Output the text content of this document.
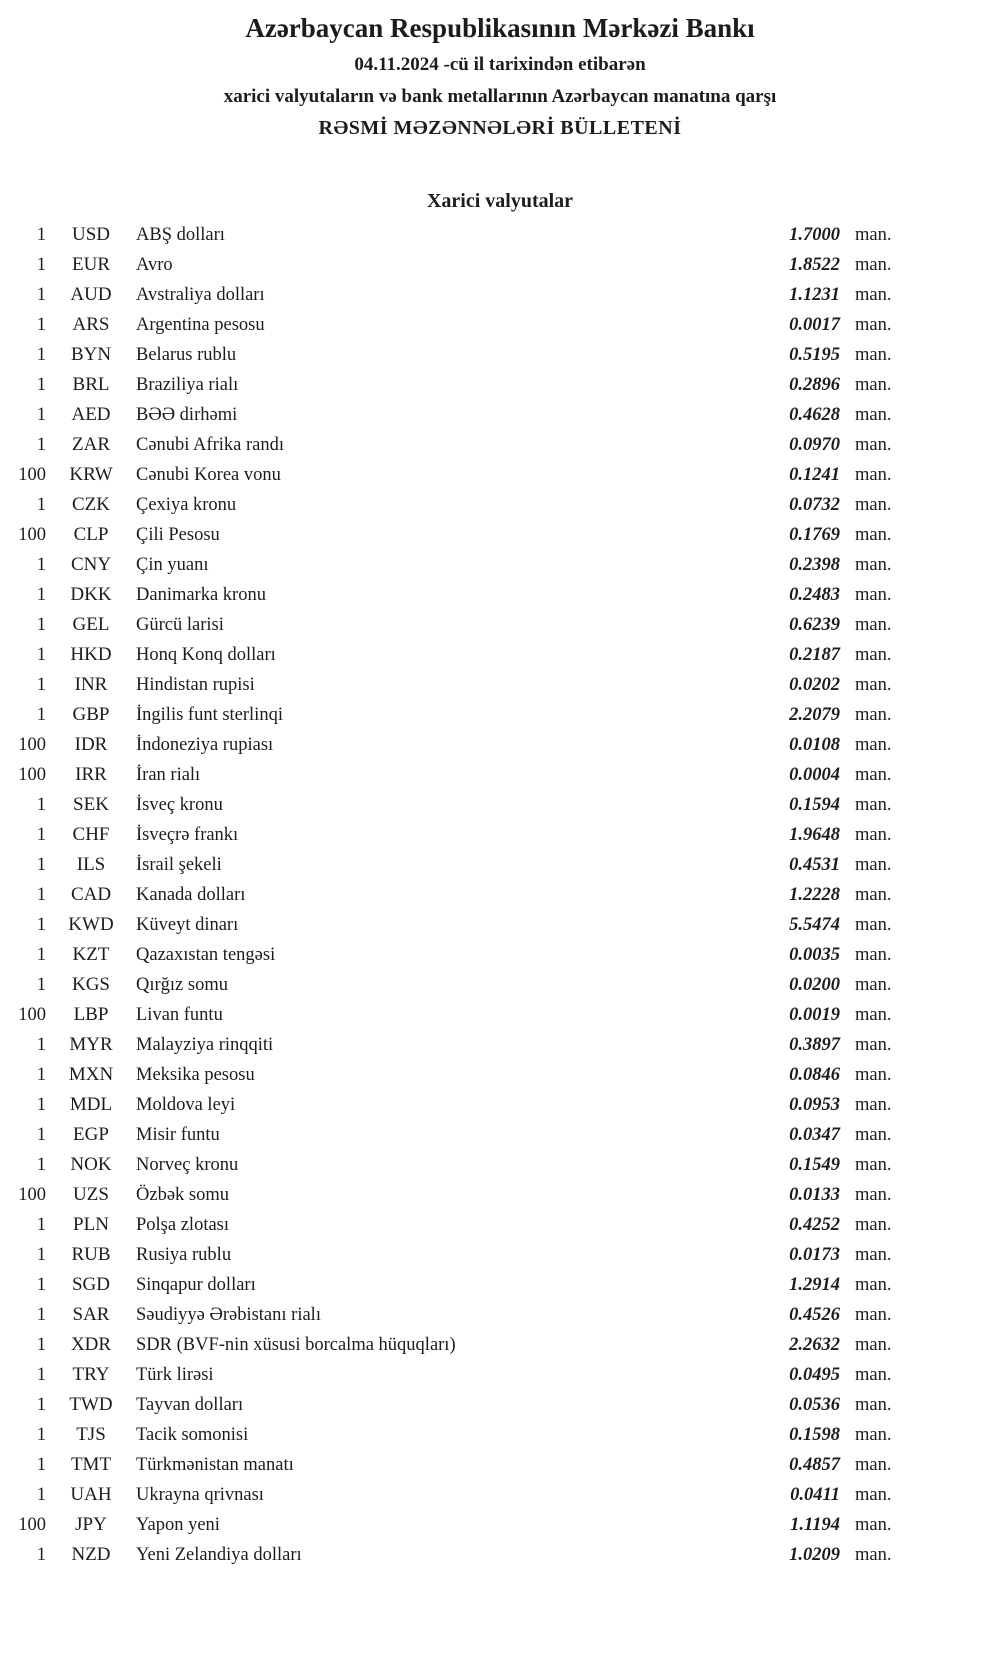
Azərbaycan Respublikasının Mərkəzi Bankı
04.11.2024 -cü il tarixindən etibarən
xarici valyutaların və bank metallarının Azərbaycan manatına qarşı
RƏSMİ MƏZƏNNƏLƏRİ BÜLLETENİ
Xarici valyutalar
1	USD	ABŞ dolları	1.7000 man.
1	EUR	Avro	1.8522 man.
1	AUD	Avstraliya dolları	1.1231 man.
1	ARS	Argentina pesosu	0.0017 man.
1	BYN	Belarus rublu	0.5195 man.
1	BRL	Braziliya rialı	0.2896 man.
1	AED	BƏƏ dirhəmi	0.4628 man.
1	ZAR	Cənubi Afrika randı	0.0970 man.
100	KRW	Cənubi Korea vonu	0.1241 man.
1	CZK	Çexiya kronu	0.0732 man.
100	CLP	Çili Pesosu	0.1769 man.
1	CNY	Çin yuanı	0.2398 man.
1	DKK	Danimarka kronu	0.2483 man.
1	GEL	Gürcü larisi	0.6239 man.
1	HKD	Honq Konq dolları	0.2187 man.
1	INR	Hindistan rupisi	0.0202 man.
1	GBP	İngilis funt sterlinqi	2.2079 man.
100	IDR	İndoneziya rupiası	0.0108 man.
100	IRR	İran rialı	0.0004 man.
1	SEK	İsveç kronu	0.1594 man.
1	CHF	İsveçrə frankı	1.9648 man.
1	ILS	İsrail şekeli	0.4531 man.
1	CAD	Kanada dolları	1.2228 man.
1	KWD	Küveyt dinarı	5.5474 man.
1	KZT	Qazaxıstan tengəsi	0.0035 man.
1	KGS	Qırğız somu	0.0200 man.
100	LBP	Livan funtu	0.0019 man.
1	MYR	Malayziya rinqqiti	0.3897 man.
1	MXN	Meksika pesosu	0.0846 man.
1	MDL	Moldova leyi	0.0953 man.
1	EGP	Misir funtu	0.0347 man.
1	NOK	Norveç kronu	0.1549 man.
100	UZS	Özbək somu	0.0133 man.
1	PLN	Polşa zlotası	0.4252 man.
1	RUB	Rusiya rublu	0.0173 man.
1	SGD	Sinqapur dolları	1.2914 man.
1	SAR	Səudiyyə Ərəbistanı rialı	0.4526 man.
1	XDR	SDR (BVF-nin xüsusi borcalma hüquqları)	2.2632 man.
1	TRY	Türk lirəsi	0.0495 man.
1	TWD	Tayvan dolları	0.0536 man.
1	TJS	Tacik somonisi	0.1598 man.
1	TMT	Türkmənistan manatı	0.4857 man.
1	UAH	Ukrayna qrivnası	0.0411 man.
100	JPY	Yapon yeni	1.1194 man.
1	NZD	Yeni Zelandiya dolları	1.0209 man.
